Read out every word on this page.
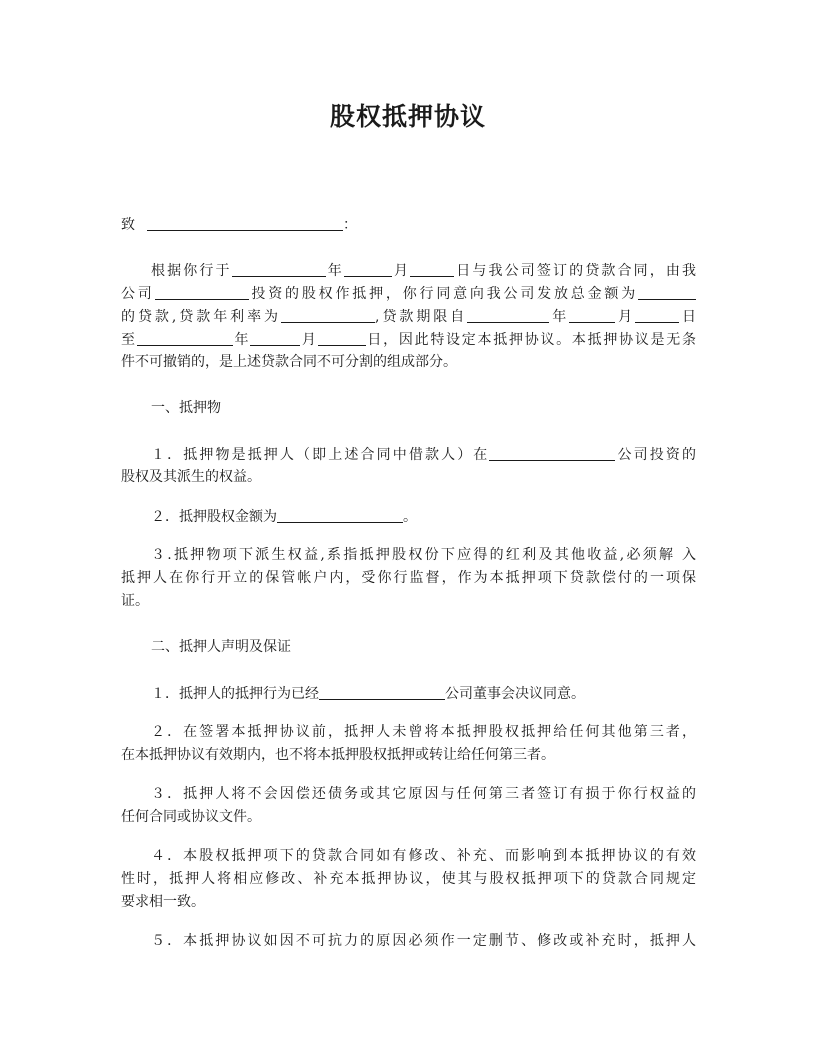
股权抵押协议
致	：
根据你行于	年	月	日与我公司签订的贷款合同，由我
公司	投资的股权作抵押，你行同意向我公司发放总金额为
的贷款,贷款年利率为	,贷款期限自	年	月	日
至	年	月	日，因此特设定本抵押协议。本抵押协议是无条
件不可撤销的，是上述贷款合同不可分割的组成部分。
一、抵押物
１．抵押物是抵押人（即上述合同中借款人）在	公司投资的
股权及其派生的权益。
２．抵押股权金额为	。
３.抵押物项下派生权益,系指抵押股权份下应得的红利及其他收益,必须解 入
抵押人在你行开立的保管帐户内，受你行监督，作为本抵押项下贷款偿付的一项保
证。
二、抵押人声明及保证
１．抵押人的抵押行为已经	公司董事会决议同意。
２．在签署本抵押协议前，抵押人未曾将本抵押股权抵押给任何其他第三者，
在本抵押协议有效期内，也不将本抵押股权抵押或转让给任何第三者。
３．抵押人将不会因偿还债务或其它原因与任何第三者签订有损于你行权益的
任何合同或协议文件。
４．本股权抵押项下的贷款合同如有修改、补充、而影响到本抵押协议的有效
性时，抵押人将相应修改、补充本抵押协议，使其与股权抵押项下的贷款合同规定
要求相一致。
５．本抵押协议如因不可抗力的原因必须作一定删节、修改或补充时，抵押人
